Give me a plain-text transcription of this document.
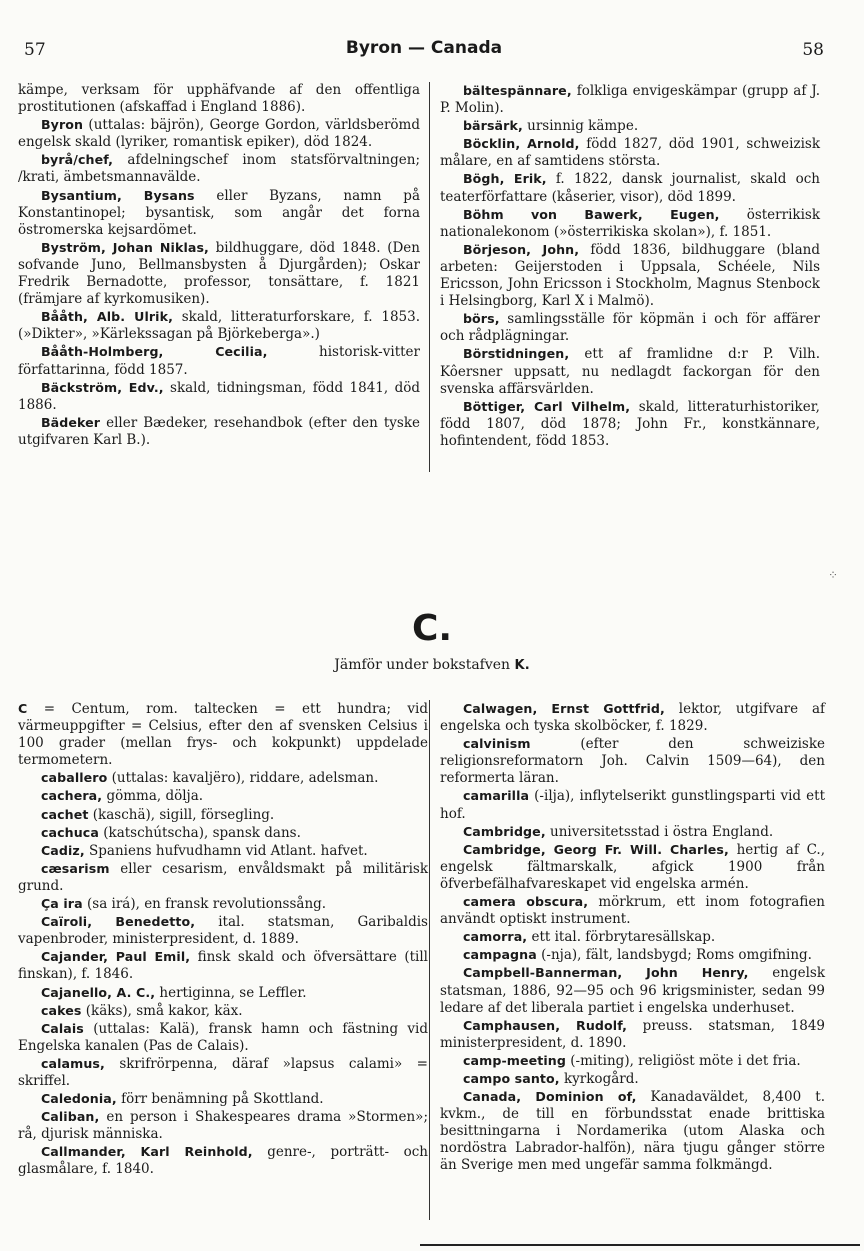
57	Byron — Canada	58

kämpe, verksam för upphäfvande af den offentliga prostitutionen (afskaffad i England 1886).

Byron (uttalas: bäjrön), George Gordon, världsberömd engelsk skald (lyriker, romantisk epiker), död 1824.

byrå/chef, afdelningschef inom statsförvaltningen; /krati, ämbetsmannavälde.

Bysantium, Bysans eller Byzans, namn på Konstantinopel; bysantisk, som angår det forna östromerska kejsardömet.

Byström, Johan Niklas, bildhuggare, död 1848. (Den sofvande Juno, Bellmansbysten å Djurgården); Oskar Fredrik Bernadotte, professor, tonsättare, f. 1821 (främjare af kyrkomusiken).

Bååth, Alb. Ulrik, skald, litteraturforskare, f. 1853. (»Dikter», »Kärlekssagan på Björkeberga».)

Bååth-Holmberg, Cecilia, historisk-vitter författarinna, född 1857.

Bäckström, Edv., skald, tidningsman, född 1841, död 1886.

Bädeker eller Bædeker, resehandbok (efter den tyske utgifvaren Karl B.).

bältespännare, folkliga envigeskämpar (grupp af J. P. Molin).

bärsärk, ursinnig kämpe.

Böcklin, Arnold, född 1827, död 1901, schweizisk målare, en af samtidens största.

Bögh, Erik, f. 1822, dansk journalist, skald och teaterförfattare (kåserier, visor), död 1899.

Böhm von Bawerk, Eugen, österrikisk nationalekonom (»österrikiska skolan»), f. 1851.

Börjeson, John, född 1836, bildhuggare (bland arbeten: Geijerstoden i Uppsala, Schéele, Nils Ericsson, John Ericsson i Stockholm, Magnus Stenbock i Helsingborg, Karl X i Malmö).

börs, samlingsställe för köpmän i och för affärer och rådplägningar.

Börstidningen, ett af framlidne d:r P. Vilh. Kôersner uppsatt, nu nedlagdt fackorgan för den svenska affärsvärlden.

Böttiger, Carl Vilhelm, skald, litteraturhistoriker, född 1807, död 1878; John Fr., konstkännare, hofintendent, född 1853.

⁘
C.
Jämför under bokstafven K.

C = Centum, rom. taltecken = ett hundra; vid värmeuppgifter = Celsius, efter den af svensken Celsius i 100 grader (mellan frys- och kokpunkt) uppdelade termometern.

caballero (uttalas: kavaljëro), riddare, adelsman.

cachera, gömma, dölja.

cachet (kaschä), sigill, försegling.

cachuca (katschútscha), spansk dans.

Cadiz, Spaniens hufvudhamn vid Atlant. hafvet.

cæsarism eller cesarism, envåldsmakt på militärisk grund.

Ça ira (sa irá), en fransk revolutionssång.

Caïroli, Benedetto, ital. statsman, Garibaldis vapenbroder, ministerpresident, d. 1889.

Cajander, Paul Emil, finsk skald och öfversättare (till finskan), f. 1846.

Cajanello, A. C., hertiginna, se Leffler.

cakes (käks), små kakor, käx.

Calais (uttalas: Kalä), fransk hamn och fästning vid Engelska kanalen (Pas de Calais).

calamus, skrifrörpenna, däraf »lapsus calami» = skriffel.

Caledonia, förr benämning på Skottland.

Caliban, en person i Shakespeares drama »Stormen»; rå, djurisk människa.

Callmander, Karl Reinhold, genre-, porträtt- och glasmålare, f. 1840.

Calwagen, Ernst Gottfrid, lektor, utgifvare af engelska och tyska skolböcker, f. 1829.

calvinism (efter den schweiziske religionsreformatorn Joh. Calvin 1509—64), den reformerta läran.

camarilla (-ilja), inflytelserikt gunstlingsparti vid ett hof.

Cambridge, universitetsstad i östra England.

Cambridge, Georg Fr. Will. Charles, hertig af C., engelsk fältmarskalk, afgick 1900 från öfverbefälhafvareskapet vid engelska armén.

camera obscura, mörkrum, ett inom fotografien användt optiskt instrument.

camorra, ett ital. förbrytaresällskap.

campagna (-nja), fält, landsbygd; Roms omgifning.

Campbell-Bannerman, John Henry, engelsk statsman, 1886, 92—95 och 96 krigsminister, sedan 99 ledare af det liberala partiet i engelska underhuset.

Camphausen, Rudolf, preuss. statsman, 1849 ministerpresident, d. 1890.

camp-meeting (-miting), religiöst möte i det fria.

campo santo, kyrkogård.

Canada, Dominion of, Kanadaväldet, 8,400 t. kvkm., de till en förbundsstat enade brittiska besittningarna i Nordamerika (utom Alaska och nordöstra Labrador-halfön), nära tjugu gånger större än Sverige men med ungefär samma folkmängd.
